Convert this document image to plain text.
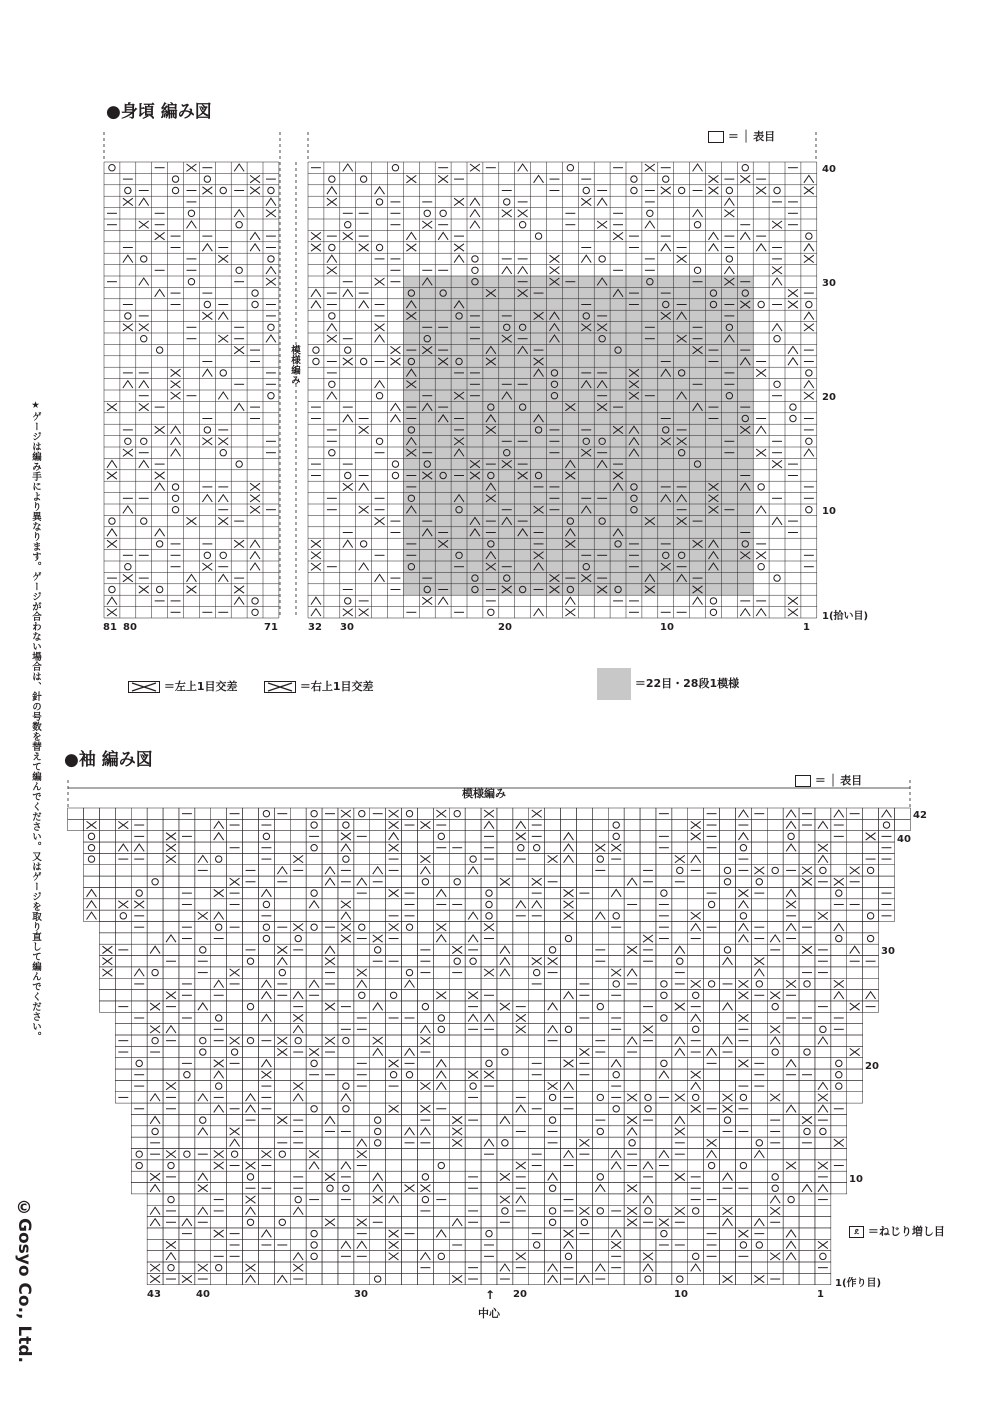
●身頃 編み図
＝ │ 表目
模様編み
40
30
20
10
1(拾い目)
81 80	71	32 30	20	10	1
＝左上1目交差	＝右上1目交差	＝22目・28段1模様
●袖 編み図
＝ │ 表目
模様編み
42
40
30
20
10
1(作り目)
43	40	30	20	10	1
↑
中心
ደ ＝ねじり増し目
★ゲージは編み手により異なります。ゲージが合わない場合は、針の号数を替えて編んでください。又はゲージを取り直して編んでください。
©Gosyo Co., Ltd.
